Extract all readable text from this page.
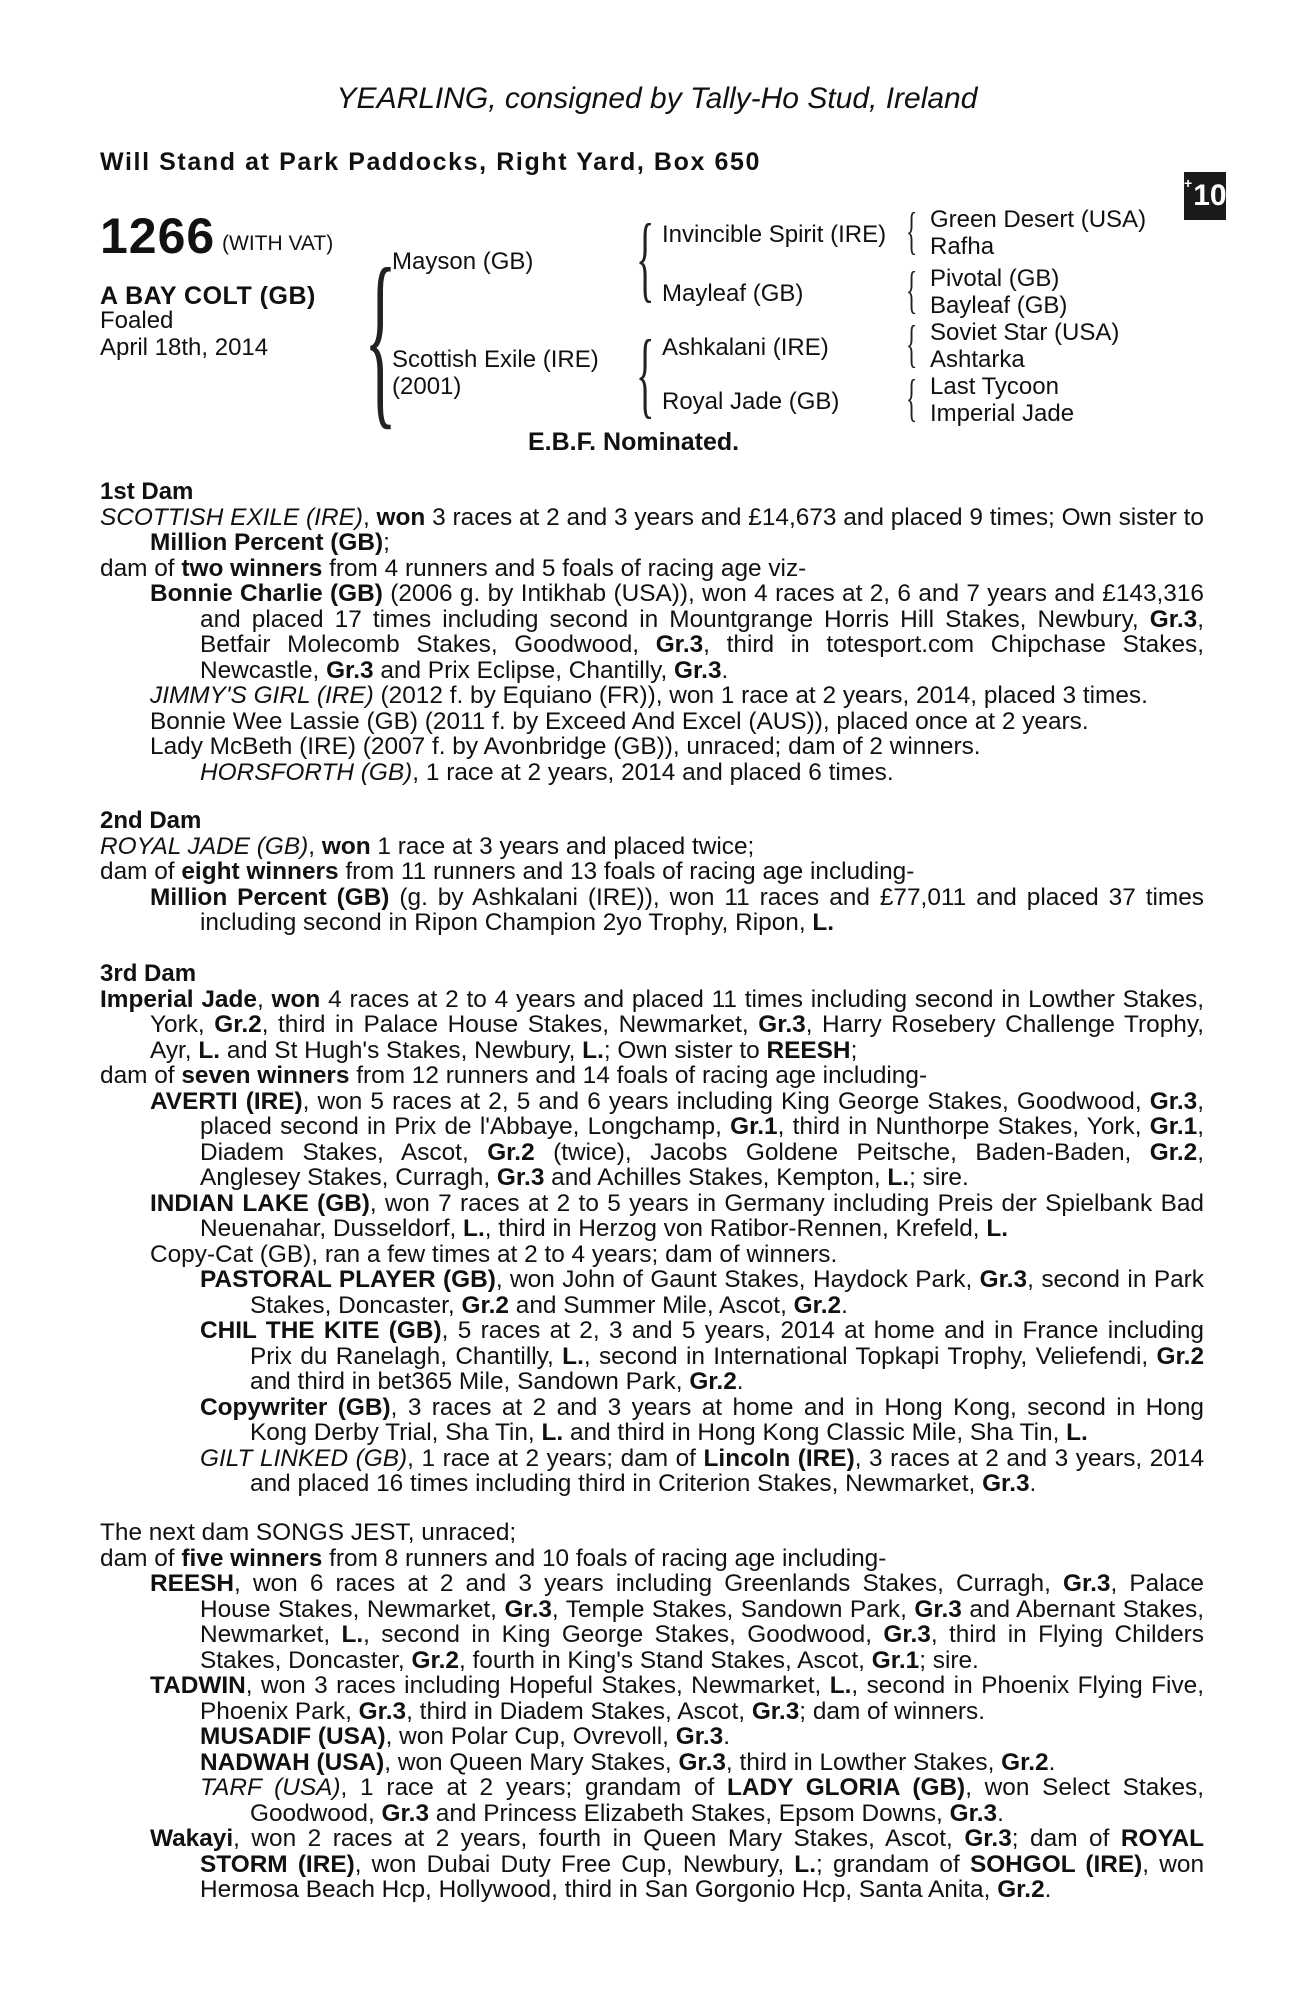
YEARLING, consigned by Tally-Ho Stud, Ireland
Will Stand at Park Paddocks, Right Yard, Box 650
+10
1266 (WITH VAT)
A BAY COLT (GB)
Foaled
April 18th, 2014 {
Mayson (GB)
Scottish Exile (IRE)
(2001)
{ Invincible Spirit (IRE)
Mayleaf (GB)
{ Ashkalani (IRE)
Royal Jade (GB)
{ Green Desert (USA)
Rafha
{ Pivotal (GB)
Bayleaf (GB)
{ Soviet Star (USA)
Ashtarka
{ Last Tycoon
Imperial Jade
E.B.F. Nominated.

1st Dam

SCOTTISH EXILE (IRE), won 3 races at 2 and 3 years and £14,673 and placed 9 times; Own sister to Million Percent (GB);

dam of two winners from 4 runners and 5 foals of racing age viz-

Bonnie Charlie (GB) (2006 g. by Intikhab (USA)), won 4 races at 2, 6 and 7 years and £143,316 and placed 17 times including second in Mountgrange Horris Hill Stakes, Newbury, Gr.3, Betfair Molecomb Stakes, Goodwood, Gr.3, third in totesport.com Chipchase Stakes, Newcastle, Gr.3 and Prix Eclipse, Chantilly, Gr.3.

JIMMY'S GIRL (IRE) (2012 f. by Equiano (FR)), won 1 race at 2 years, 2014, placed 3 times.

Bonnie Wee Lassie (GB) (2011 f. by Exceed And Excel (AUS)), placed once at 2 years.

Lady McBeth (IRE) (2007 f. by Avonbridge (GB)), unraced; dam of 2 winners.

HORSFORTH (GB), 1 race at 2 years, 2014 and placed 6 times.

2nd Dam

ROYAL JADE (GB), won 1 race at 3 years and placed twice;

dam of eight winners from 11 runners and 13 foals of racing age including-

Million Percent (GB) (g. by Ashkalani (IRE)), won 11 races and £77,011 and placed 37 times including second in Ripon Champion 2yo Trophy, Ripon, L.

3rd Dam

Imperial Jade, won 4 races at 2 to 4 years and placed 11 times including second in Lowther Stakes, York, Gr.2, third in Palace House Stakes, Newmarket, Gr.3, Harry Rosebery Challenge Trophy, Ayr, L. and St Hugh's Stakes, Newbury, L.; Own sister to REESH;

dam of seven winners from 12 runners and 14 foals of racing age including-

AVERTI (IRE), won 5 races at 2, 5 and 6 years including King George Stakes, Goodwood, Gr.3, placed second in Prix de l'Abbaye, Longchamp, Gr.1, third in Nunthorpe Stakes, York, Gr.1, Diadem Stakes, Ascot, Gr.2 (twice), Jacobs Goldene Peitsche, Baden-Baden, Gr.2, Anglesey Stakes, Curragh, Gr.3 and Achilles Stakes, Kempton, L.; sire.

INDIAN LAKE (GB), won 7 races at 2 to 5 years in Germany including Preis der Spielbank Bad Neuenahar, Dusseldorf, L., third in Herzog von Ratibor-Rennen, Krefeld, L.

Copy-Cat (GB), ran a few times at 2 to 4 years; dam of winners.

PASTORAL PLAYER (GB), won John of Gaunt Stakes, Haydock Park, Gr.3, second in Park Stakes, Doncaster, Gr.2 and Summer Mile, Ascot, Gr.2.

CHIL THE KITE (GB), 5 races at 2, 3 and 5 years, 2014 at home and in France including Prix du Ranelagh, Chantilly, L., second in International Topkapi Trophy, Veliefendi, Gr.2 and third in bet365 Mile, Sandown Park, Gr.2.

Copywriter (GB), 3 races at 2 and 3 years at home and in Hong Kong, second in Hong Kong Derby Trial, Sha Tin, L. and third in Hong Kong Classic Mile, Sha Tin, L.

GILT LINKED (GB), 1 race at 2 years; dam of Lincoln (IRE), 3 races at 2 and 3 years, 2014 and placed 16 times including third in Criterion Stakes, Newmarket, Gr.3.

The next dam SONGS JEST, unraced;

dam of five winners from 8 runners and 10 foals of racing age including-

REESH, won 6 races at 2 and 3 years including Greenlands Stakes, Curragh, Gr.3, Palace House Stakes, Newmarket, Gr.3, Temple Stakes, Sandown Park, Gr.3 and Abernant Stakes, Newmarket, L., second in King George Stakes, Goodwood, Gr.3, third in Flying Childers Stakes, Doncaster, Gr.2, fourth in King's Stand Stakes, Ascot, Gr.1; sire.

TADWIN, won 3 races including Hopeful Stakes, Newmarket, L., second in Phoenix Flying Five, Phoenix Park, Gr.3, third in Diadem Stakes, Ascot, Gr.3; dam of winners.

MUSADIF (USA), won Polar Cup, Ovrevoll, Gr.3.

NADWAH (USA), won Queen Mary Stakes, Gr.3, third in Lowther Stakes, Gr.2.

TARF (USA), 1 race at 2 years; grandam of LADY GLORIA (GB), won Select Stakes, Goodwood, Gr.3 and Princess Elizabeth Stakes, Epsom Downs, Gr.3.

Wakayi, won 2 races at 2 years, fourth in Queen Mary Stakes, Ascot, Gr.3; dam of ROYAL STORM (IRE), won Dubai Duty Free Cup, Newbury, L.; grandam of SOHGOL (IRE), won Hermosa Beach Hcp, Hollywood, third in San Gorgonio Hcp, Santa Anita, Gr.2.
